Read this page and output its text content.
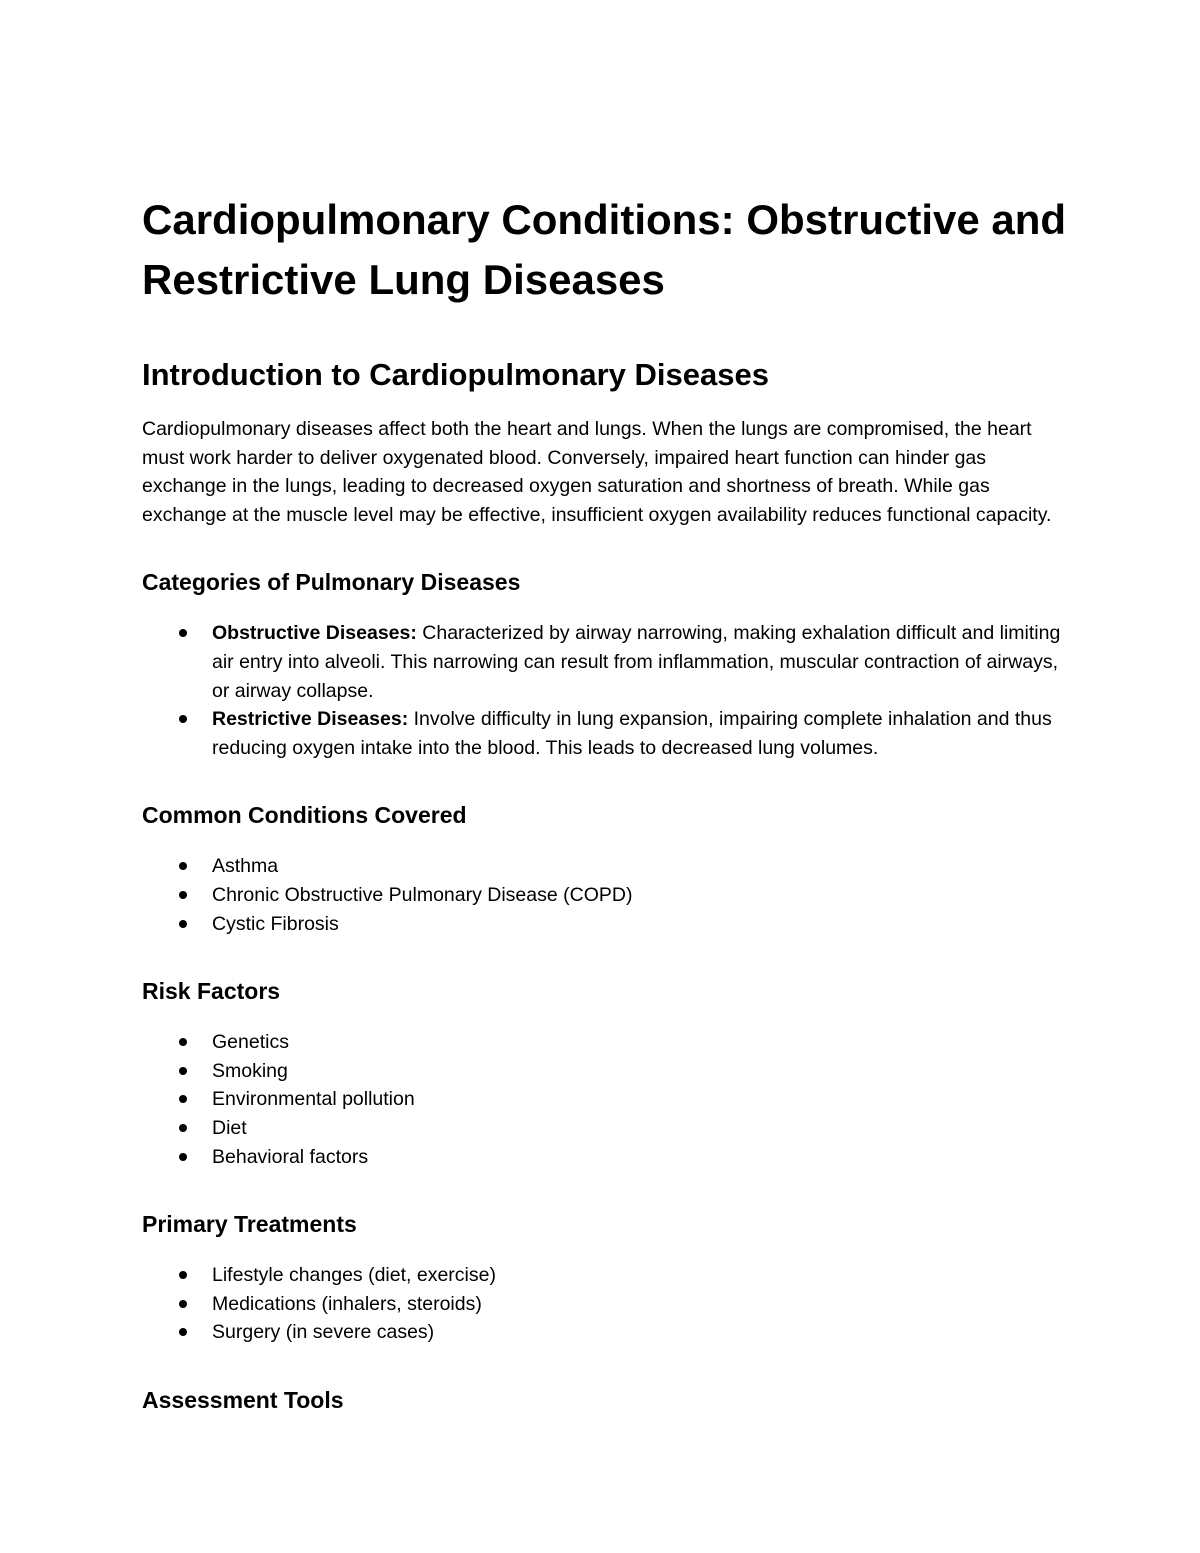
Cardiopulmonary Conditions: Obstructive and Restrictive Lung Diseases
Introduction to Cardiopulmonary Diseases

Cardiopulmonary diseases affect both the heart and lungs. When the lungs are compromised, the heart must work harder to deliver oxygenated blood. Conversely, impaired heart function can hinder gas exchange in the lungs, leading to decreased oxygen saturation and shortness of breath. While gas exchange at the muscle level may be effective, insufficient oxygen availability reduces functional capacity.

Categories of Pulmonary Diseases
Obstructive Diseases: Characterized by airway narrowing, making exhalation difficult and limiting air entry into alveoli. This narrowing can result from inflammation, muscular contraction of airways, or airway collapse.
Restrictive Diseases: Involve difficulty in lung expansion, impairing complete inhalation and thus reducing oxygen intake into the blood. This leads to decreased lung volumes.
Common Conditions Covered
Asthma
Chronic Obstructive Pulmonary Disease (COPD)
Cystic Fibrosis
Risk Factors
Genetics
Smoking
Environmental pollution
Diet
Behavioral factors
Primary Treatments
Lifestyle changes (diet, exercise)
Medications (inhalers, steroids)
Surgery (in severe cases)
Assessment Tools
